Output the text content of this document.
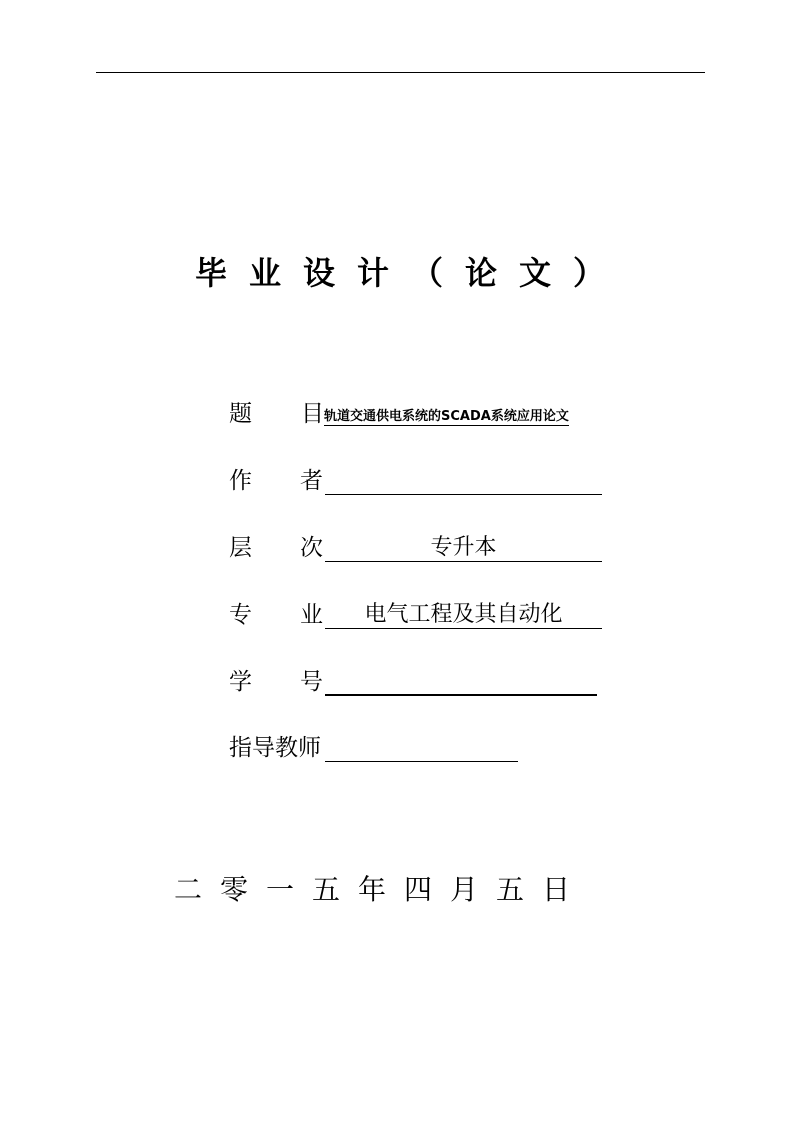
毕业设计（论文）
题	目 轨道交通供电系统的SCADA系统应用论文
作者
层次	专升本
专业
电气工程及其自动化
学号
指导教师
二零一五年四月五日
